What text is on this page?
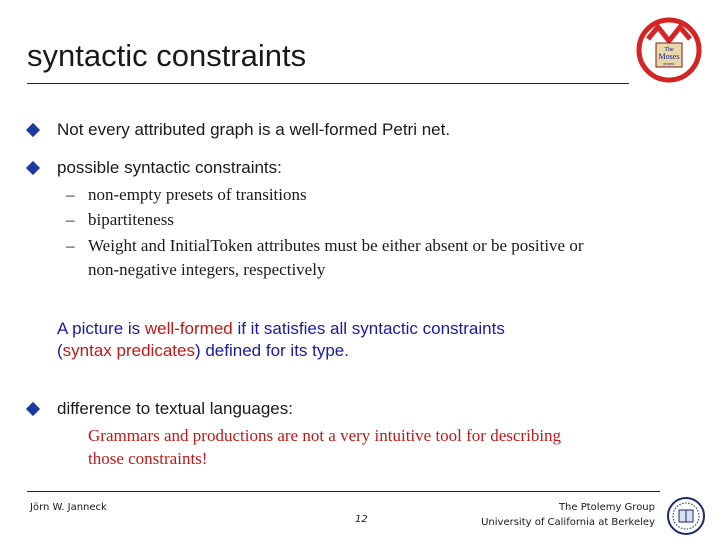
syntactic constraints	The
Moses
project
Not every attributed graph is a well-formed Petri net.
possible syntactic constraints:
– non-empty presets of transitions
– bipartiteness
– Weight and InitialToken attributes must be either absent or be positive or
non-negative integers, respectively
A picture is well-formed if it satisfies all syntactic constraints
(syntax predicates) defined for its type.
difference to textual languages:
Grammars and productions are not a very intuitive tool for describing
those constraints!
Jörn W. Janneck
12
The Ptolemy Group
University of California at Berkeley
